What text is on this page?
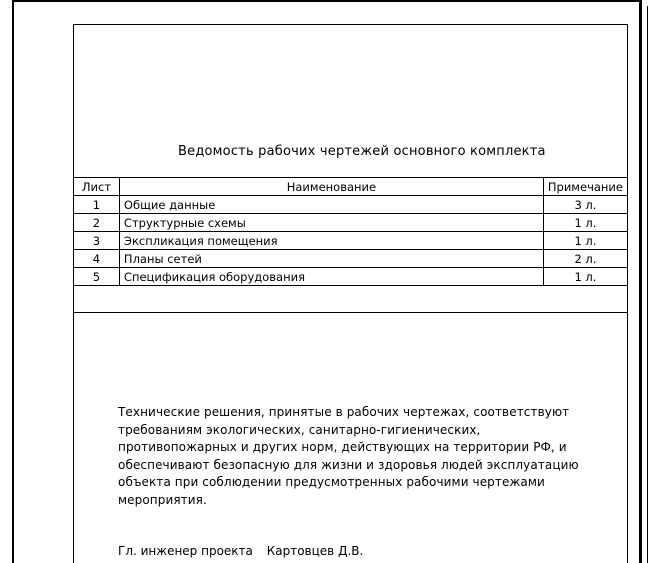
Ведомость рабочих чертежей основного комплекта
Лист	Наименование	Примечание
1	Общие данные	3 л.
2	Структурные схемы	1 л.
3	Экспликация помещения	1 л.
4	Планы сетей	2 л.
5	Спецификация оборудования	1 л.
Технические решения, принятые в рабочих чертежах, соответствуют
требованиям экологических, санитарно-гигиенических,
противопожарных и других норм, действующих на территории РФ, и
обеспечивают безопасную для жизни и здоровья людей эксплуатацию
объекта при соблюдении предусмотренных рабочими чертежами
мероприятия.
Гл. инженер проекта Картовцев Д.В.
